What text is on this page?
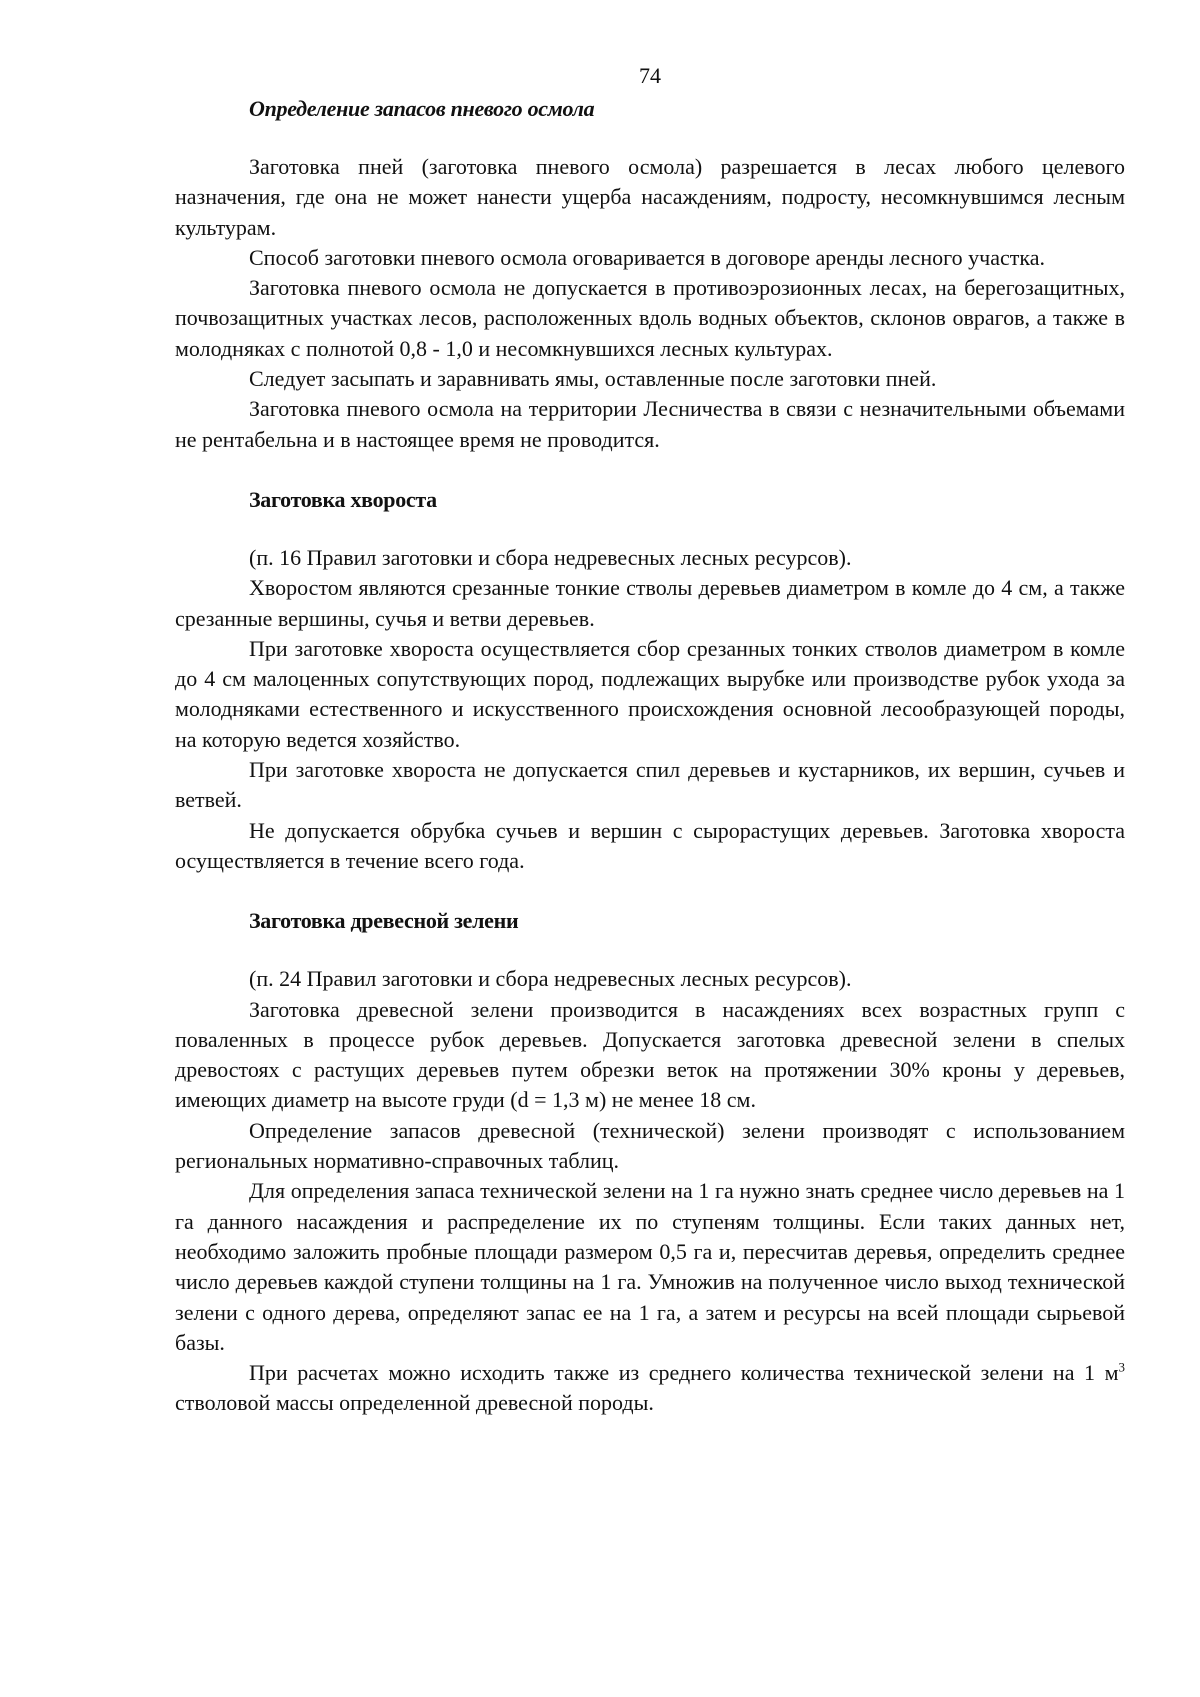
74
Определение запасов пневого осмола

Заготовка пней (заготовка пневого осмола) разрешается в лесах любого целевого назначения, где она не может нанести ущерба насаждениям, подросту, несомкнувшимся лесным культурам.

Способ заготовки пневого осмола оговаривается в договоре аренды лесного участка.

Заготовка пневого осмола не допускается в противоэрозионных лесах, на берегозащитных, почвозащитных участках лесов, расположенных вдоль водных объектов, склонов оврагов, а также в молодняках с полнотой 0,8 - 1,0 и несомкнувшихся лесных культурах.

Следует засыпать и заравнивать ямы, оставленные после заготовки пней.

Заготовка пневого осмола на территории Лесничества в связи с незначительными объемами не рентабельна и в настоящее время не проводится.

Заготовка хвороста

(п. 16 Правил заготовки и сбора недревесных лесных ресурсов).

Хворостом являются срезанные тонкие стволы деревьев диаметром в комле до 4 см, а также срезанные вершины, сучья и ветви деревьев.

При заготовке хвороста осуществляется сбор срезанных тонких стволов диаметром в комле до 4 см малоценных сопутствующих пород, подлежащих вырубке или производстве рубок ухода за молодняками естественного и искусственного происхождения основной лесообразующей породы, на которую ведется хозяйство.

При заготовке хвороста не допускается спил деревьев и кустарников, их вершин, сучьев и ветвей.

Не допускается обрубка сучьев и вершин с сырорастущих деревьев. Заготовка хвороста осуществляется в течение всего года.

Заготовка древесной зелени

(п. 24 Правил заготовки и сбора недревесных лесных ресурсов).

Заготовка древесной зелени производится в насаждениях всех возрастных групп с поваленных в процессе рубок деревьев. Допускается заготовка древесной зелени в спелых древостоях с растущих деревьев путем обрезки веток на протяжении 30% кроны у деревьев, имеющих диаметр на высоте груди (d = 1,3 м) не менее 18 см.

Определение запасов древесной (технической) зелени производят с использованием региональных нормативно-справочных таблиц.

Для определения запаса технической зелени на 1 га нужно знать среднее число деревьев на 1 га данного насаждения и распределение их по ступеням толщины. Если таких данных нет, необходимо заложить пробные площади размером 0,5 га и, пересчитав деревья, определить среднее число деревьев каждой ступени толщины на 1 га. Умножив на полученное число выход технической зелени с одного дерева, определяют запас ее на 1 га, а затем и ресурсы на всей площади сырьевой базы.

При расчетах можно исходить также из среднего количества технической зелени на 1 $м^3$ стволовой массы определенной древесной породы.
